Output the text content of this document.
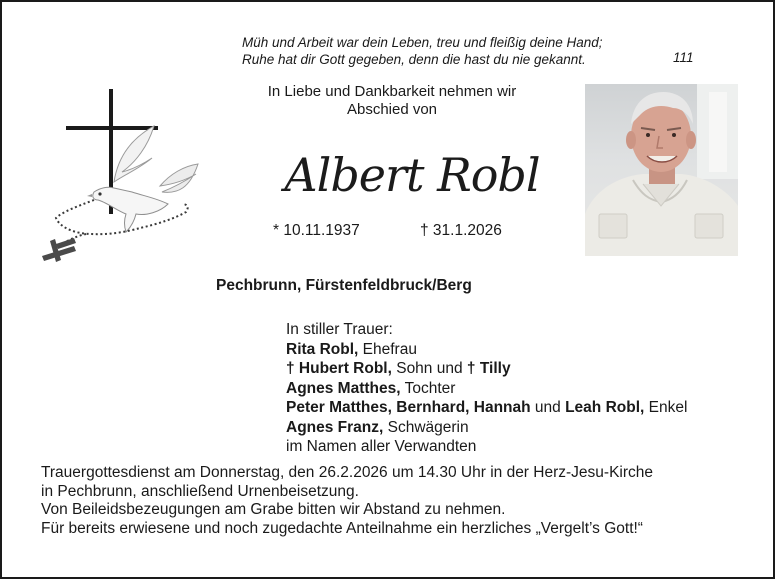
Müh und Arbeit war dein Leben, treu und fleißig deine Hand;
Ruhe hat dir Gott gegeben, denn die hast du nie gekannt.	111
In Liebe und Dankbarkeit nehmen wir
Abschied von
Albert Robl
* 10.11.1937	† 31.1.2026
Pechbrunn, Fürstenfeldbruck/Berg
In stiller Trauer:
Rita Robl, Ehefrau
† Hubert Robl, Sohn und † Tilly
Agnes Matthes, Tochter
Peter Matthes, Bernhard, Hannah und Leah Robl, Enkel
Agnes Franz, Schwägerin
im Namen aller Verwandten
Trauergottesdienst am Donnerstag, den 26.2.2026 um 14.30 Uhr in der Herz-Jesu-Kirche
in Pechbrunn, anschließend Urnenbeisetzung.
Von Beileidsbezeugungen am Grabe bitten wir Abstand zu nehmen.
Für bereits erwiesene und noch zugedachte Anteilnahme ein herzliches „Vergelt’s Gott!“
